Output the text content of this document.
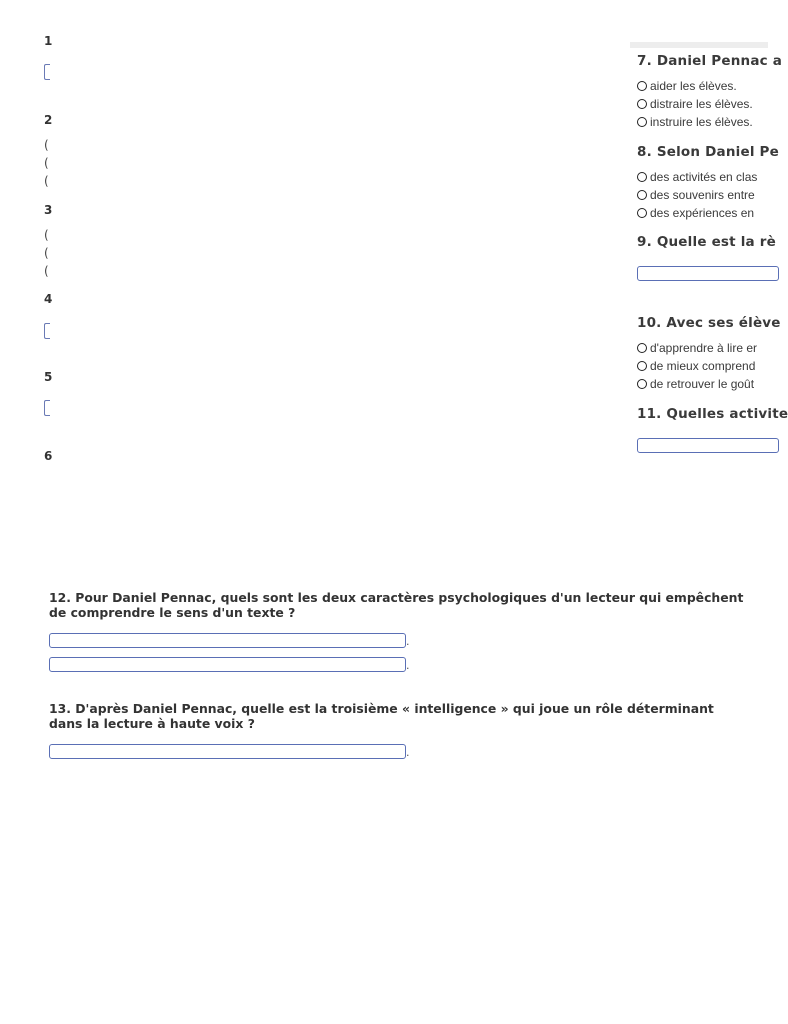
1
2
(
(
(
3
(
(
(
4
5
6
7. Daniel Pennac a
aider les élèves.
distraire les élèves.
instruire les élèves.
8. Selon Daniel Pe
des activités en clas
des souvenirs entre
des expériences en
9. Quelle est la rè
10. Avec ses élève
d'apprendre à lire er
de mieux comprend
de retrouver le goût
11. Quelles activite
12. Pour Daniel Pennac, quels sont les deux caractères psychologiques d'un lecteur qui empêchent de comprendre le sens d'un texte ?
.
.
13. D'après Daniel Pennac, quelle est la troisième « intelligence » qui joue un rôle déterminant dans la lecture à haute voix ?
.
